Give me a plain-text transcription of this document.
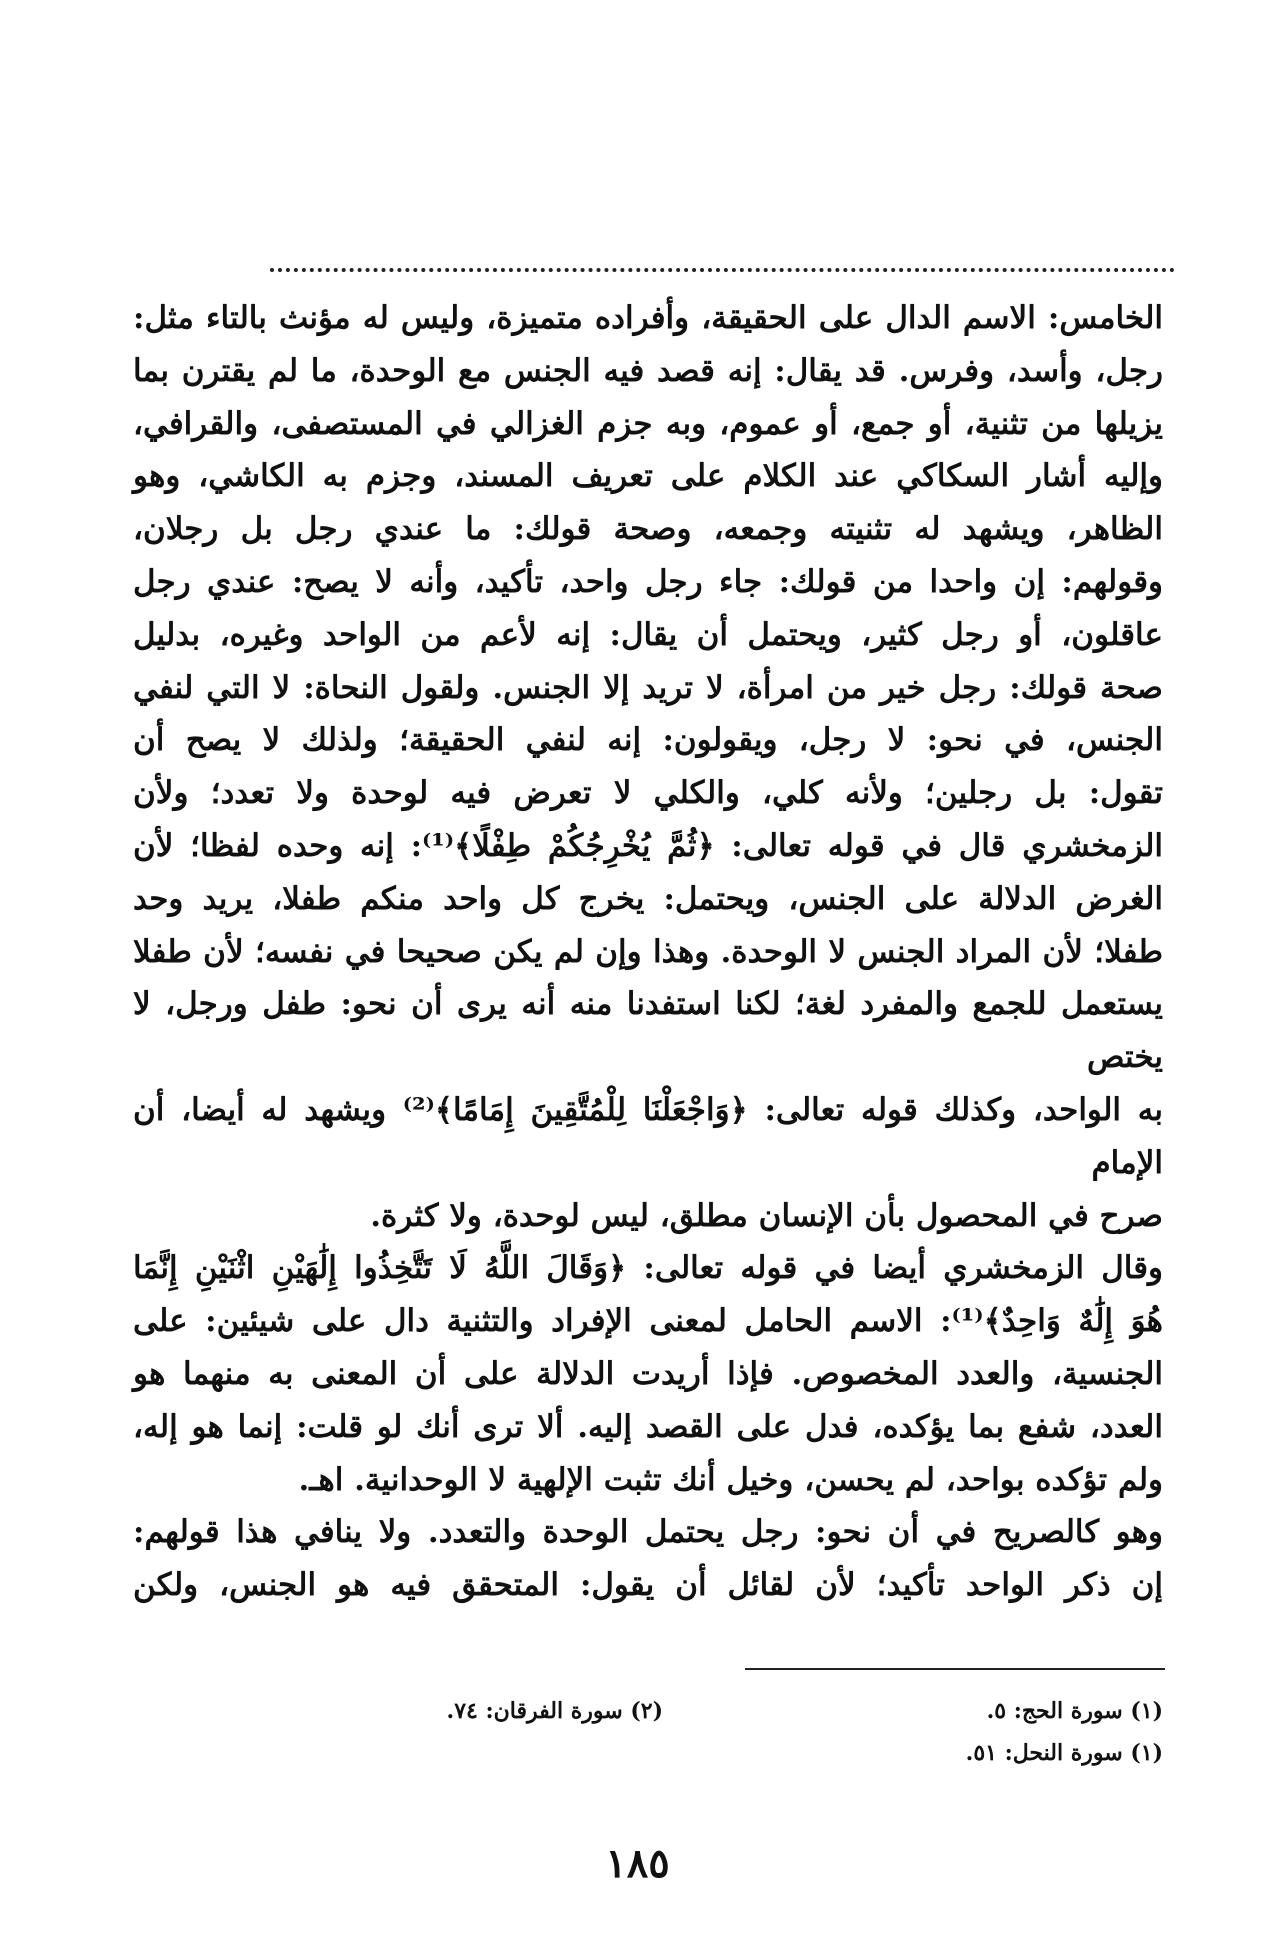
الخامس: الاسم الدال على الحقيقة، وأفراده متميزة، وليس له مؤنث بالتاء مثل:

رجل، وأسد، وفرس. قد يقال: إنه قصد فيه الجنس مع الوحدة، ما لم يقترن بما

يزيلها من تثنية، أو جمع، أو عموم، وبه جزم الغزالي في المستصفى، والقرافي،

وإليه أشار السكاكي عند الكلام على تعريف المسند، وجزم به الكاشي، وهو

الظاهر، ويشهد له تثنيته وجمعه، وصحة قولك: ما عندي رجل بل رجلان،

وقولهم: إن واحدا من قولك: جاء رجل واحد، تأكيد، وأنه لا يصح: عندي رجل

عاقلون، أو رجل كثير، ويحتمل أن يقال: إنه لأعم من الواحد وغيره، بدليل

صحة قولك: رجل خير من امرأة، لا تريد إلا الجنس. ولقول النحاة: لا التي لنفي

الجنس، في نحو: لا رجل، ويقولون: إنه لنفي الحقيقة؛ ولذلك لا يصح أن

تقول: بل رجلين؛ ولأنه كلي، والكلي لا تعرض فيه لوحدة ولا تعدد؛ ولأن

الزمخشري قال في قوله تعالى: ﴿ثُمَّ يُخْرِجُكُمْ طِفْلًا﴾⁽¹⁾: إنه وحده لفظا؛ لأن

الغرض الدلالة على الجنس، ويحتمل: يخرج كل واحد منكم طفلا، يريد وحد

طفلا؛ لأن المراد الجنس لا الوحدة. وهذا وإن لم يكن صحيحا في نفسه؛ لأن طفلا

يستعمل للجمع والمفرد لغة؛ لكنا استفدنا منه أنه يرى أن نحو: طفل ورجل، لا يختص

به الواحد، وكذلك قوله تعالى: ﴿وَاجْعَلْنَا لِلْمُتَّقِينَ إِمَامًا﴾⁽²⁾ ويشهد له أيضا، أن الإمام

صرح في المحصول بأن الإنسان مطلق، ليس لوحدة، ولا كثرة.

وقال الزمخشري أيضا في قوله تعالى: ﴿وَقَالَ اللَّهُ لَا تَتَّخِذُوا إِلَٰهَيْنِ اثْنَيْنِ إِنَّمَا

هُوَ إِلَٰهٌ وَاحِدٌ﴾⁽¹⁾: الاسم الحامل لمعنى الإفراد والتثنية دال على شيئين: على

الجنسية، والعدد المخصوص. فإذا أريدت الدلالة على أن المعنى به منهما هو

العدد، شفع بما يؤكده، فدل على القصد إليه. ألا ترى أنك لو قلت: إنما هو إله،

ولم تؤكده بواحد، لم يحسن، وخيل أنك تثبت الإلهية لا الوحدانية. اهـ.

وهو كالصريح في أن نحو: رجل يحتمل الوحدة والتعدد. ولا ينافي هذا قولهم:

إن ذكر الواحد تأكيد؛ لأن لقائل أن يقول: المتحقق فيه هو الجنس، ولكن

(١) سورة الحج: ٥.
(٢) سورة الفرقان: ٧٤.
(١) سورة النحل: ٥١.
١٨٥
